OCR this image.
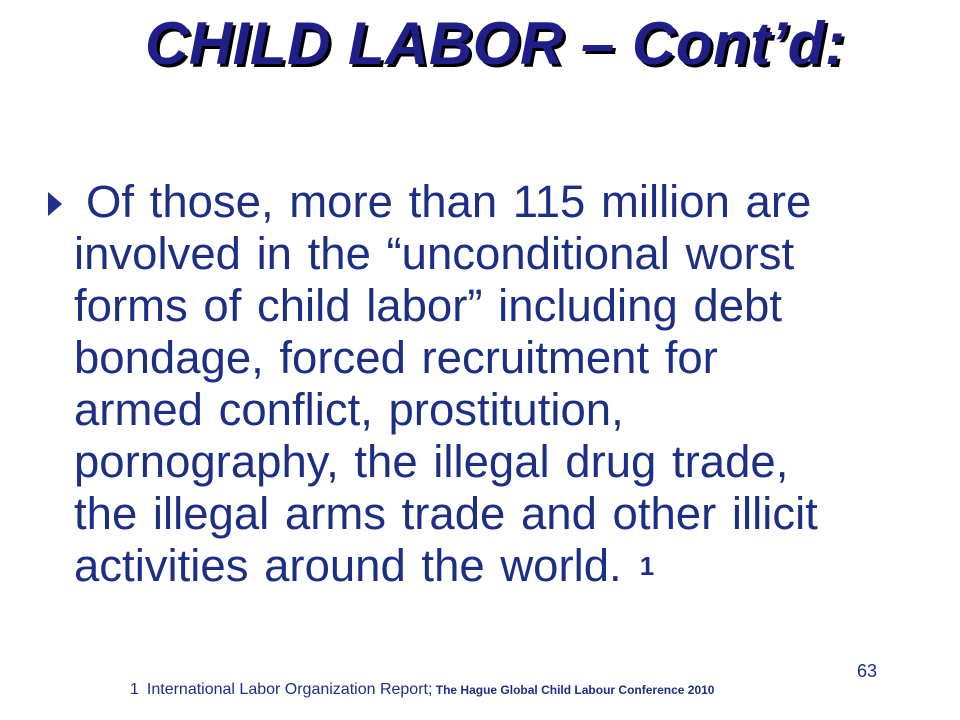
CHILD LABOR – Cont’d:

Of those, more than 115 million are
involved in the “unconditional worst
forms of child labor” including debt
bondage, forced recruitment for
armed conflict, prostitution,
pornography, the illegal drug trade,
the illegal arms trade and other illicit
activities around the world. 1

63
1 International Labor Organization Report; The Hague Global Child Labour Conference 2010
